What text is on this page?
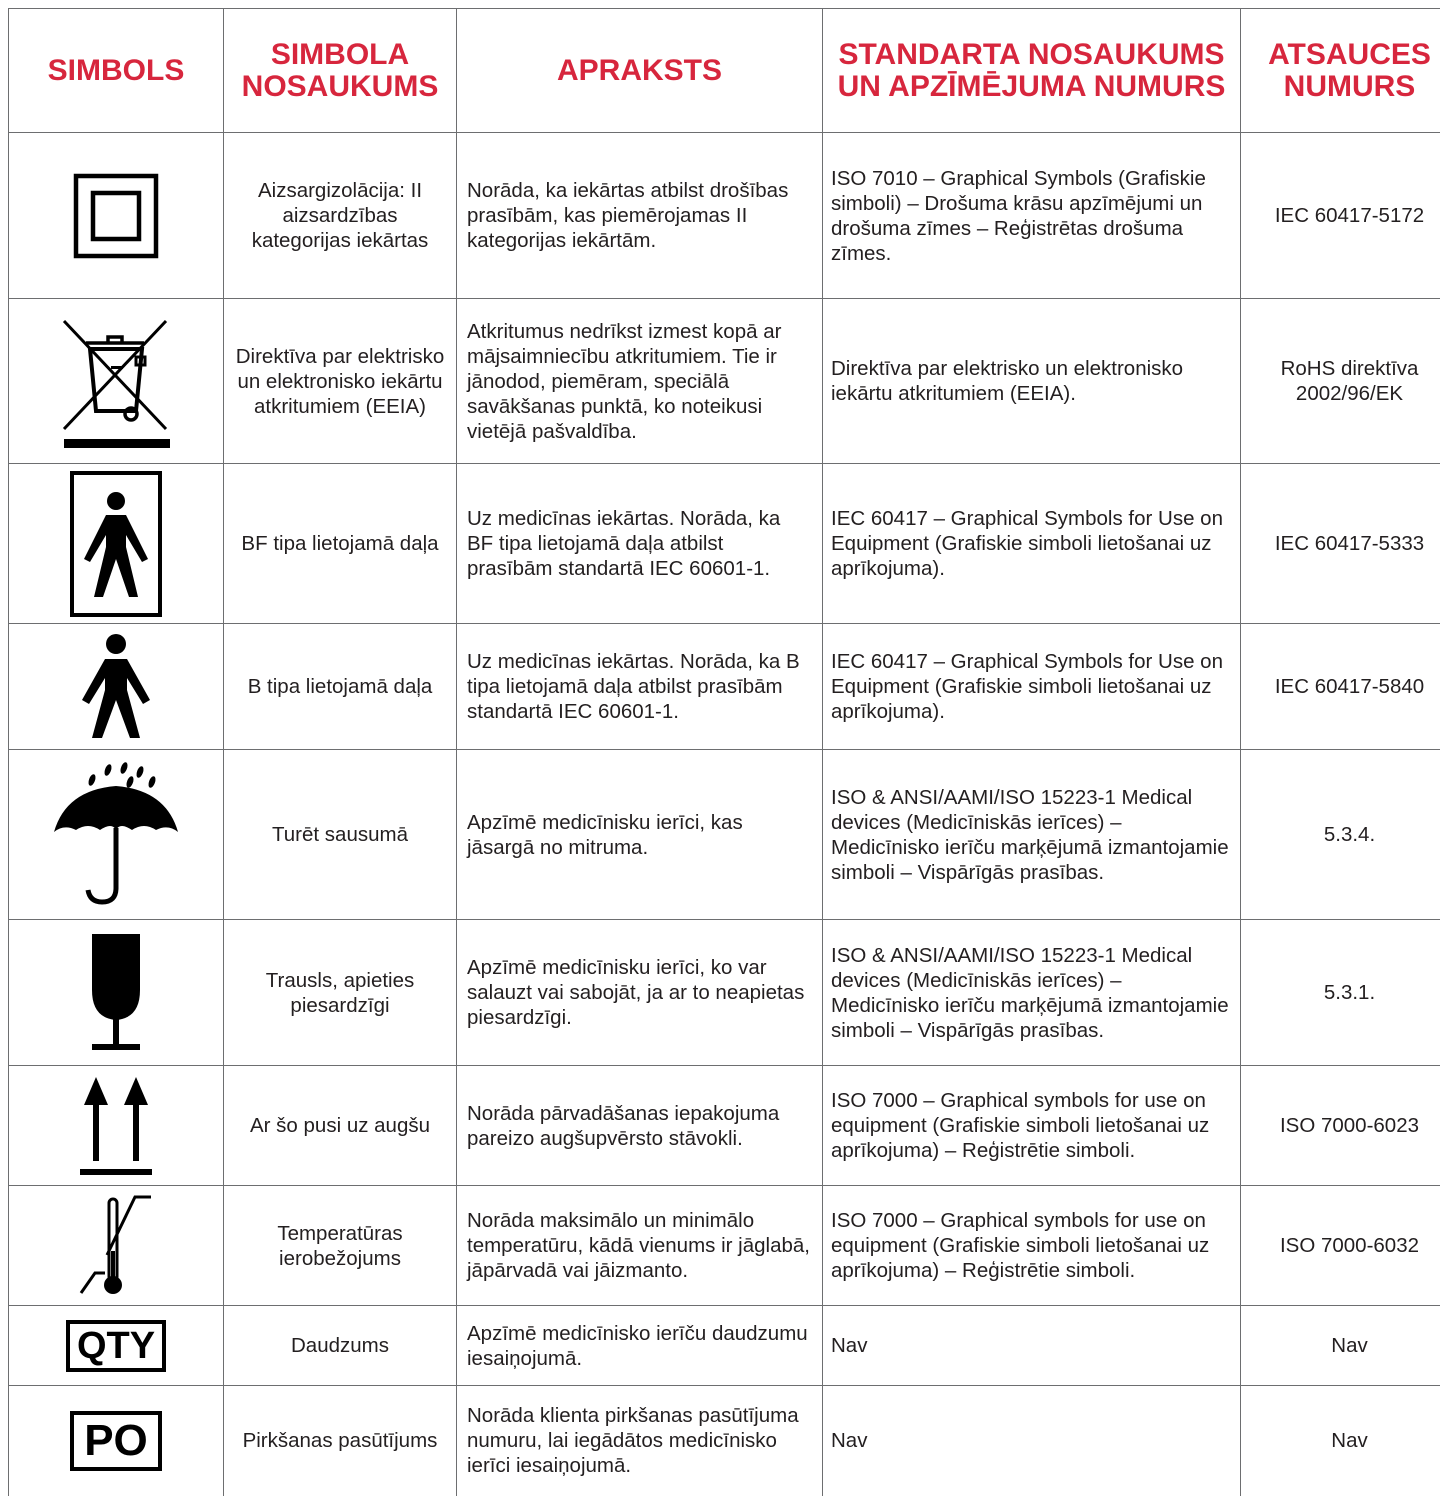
SIMBOLS	SIMBOLA NOSAUKUMS	APRAKSTS	STANDARTA NOSAUKUMS UN APZĪMĒJUMA NUMURS	ATSAUCES NUMURS

	Aizsargizolācija: II aizsardzības kategorijas iekārtas	Norāda, ka iekārtas atbilst drošības prasībām, kas piemērojamas II kategorijas iekārtām.	ISO 7010 – Graphical Symbols (Grafiskie simboli) – Drošuma krāsu apzīmējumi un drošuma zīmes – Reģistrētas drošuma zīmes.	IEC 60417-5172

	Direktīva par elektrisko un elektronisko iekārtu atkritumiem (EEIA)	Atkritumus nedrīkst izmest kopā ar mājsaimniecību atkritumiem. Tie ir jānodod, piemēram, speciālā savākšanas punktā, ko noteikusi vietējā pašvaldība.	Direktīva par elektrisko un elektronisko iekārtu atkritumiem (EEIA).	RoHS direktīva 2002/96/EK

	BF tipa lietojamā daļa	Uz medicīnas iekārtas. Norāda, ka BF tipa lietojamā daļa atbilst prasībām standartā IEC 60601-1.	IEC 60417 – Graphical Symbols for Use on Equipment (Grafiskie simboli lietošanai uz aprīkojuma).	IEC 60417-5333

	B tipa lietojamā daļa	Uz medicīnas iekārtas. Norāda, ka B tipa lietojamā daļa atbilst prasībām standartā IEC 60601-1.	IEC 60417 – Graphical Symbols for Use on Equipment (Grafiskie simboli lietošanai uz aprīkojuma).	IEC 60417-5840

	Turēt sausumā	Apzīmē medicīnisku ierīci, kas jāsargā no mitruma.	ISO & ANSI/AAMI/ISO 15223-1 Medical devices (Medicīniskās ierīces) – Medicīnisko ierīču marķējumā izmantojamie simboli – Vispārīgās prasības.	5.3.4.

	Trausls, apieties piesardzīgi	Apzīmē medicīnisku ierīci, ko var salauzt vai sabojāt, ja ar to neapietas piesardzīgi.	ISO & ANSI/AAMI/ISO 15223-1 Medical devices (Medicīniskās ierīces) – Medicīnisko ierīču marķējumā izmantojamie simboli – Vispārīgās prasības.	5.3.1.

	Ar šo pusi uz augšu	Norāda pārvadāšanas iepakojuma pareizo augšupvērsto stāvokli.	ISO 7000 – Graphical symbols for use on equipment (Grafiskie simboli lietošanai uz aprīkojuma) – Reģistrētie simboli.	ISO 7000-6023

	Temperatūras ierobežojums	Norāda maksimālo un minimālo temperatūru, kādā vienums ir jāglabā, jāpārvadā vai jāizmanto.	ISO 7000 – Graphical symbols for use on equipment (Grafiskie simboli lietošanai uz aprīkojuma) – Reģistrētie simboli.	ISO 7000-6032
QTY	Daudzums	Apzīmē medicīnisko ierīču daudzumu iesaiņojumā.	Nav	Nav
PO	Pirkšanas pasūtījums	Norāda klienta pirkšanas pasūtījuma numuru, lai iegādātos medicīnisko ierīci iesaiņojumā.	Nav	Nav
